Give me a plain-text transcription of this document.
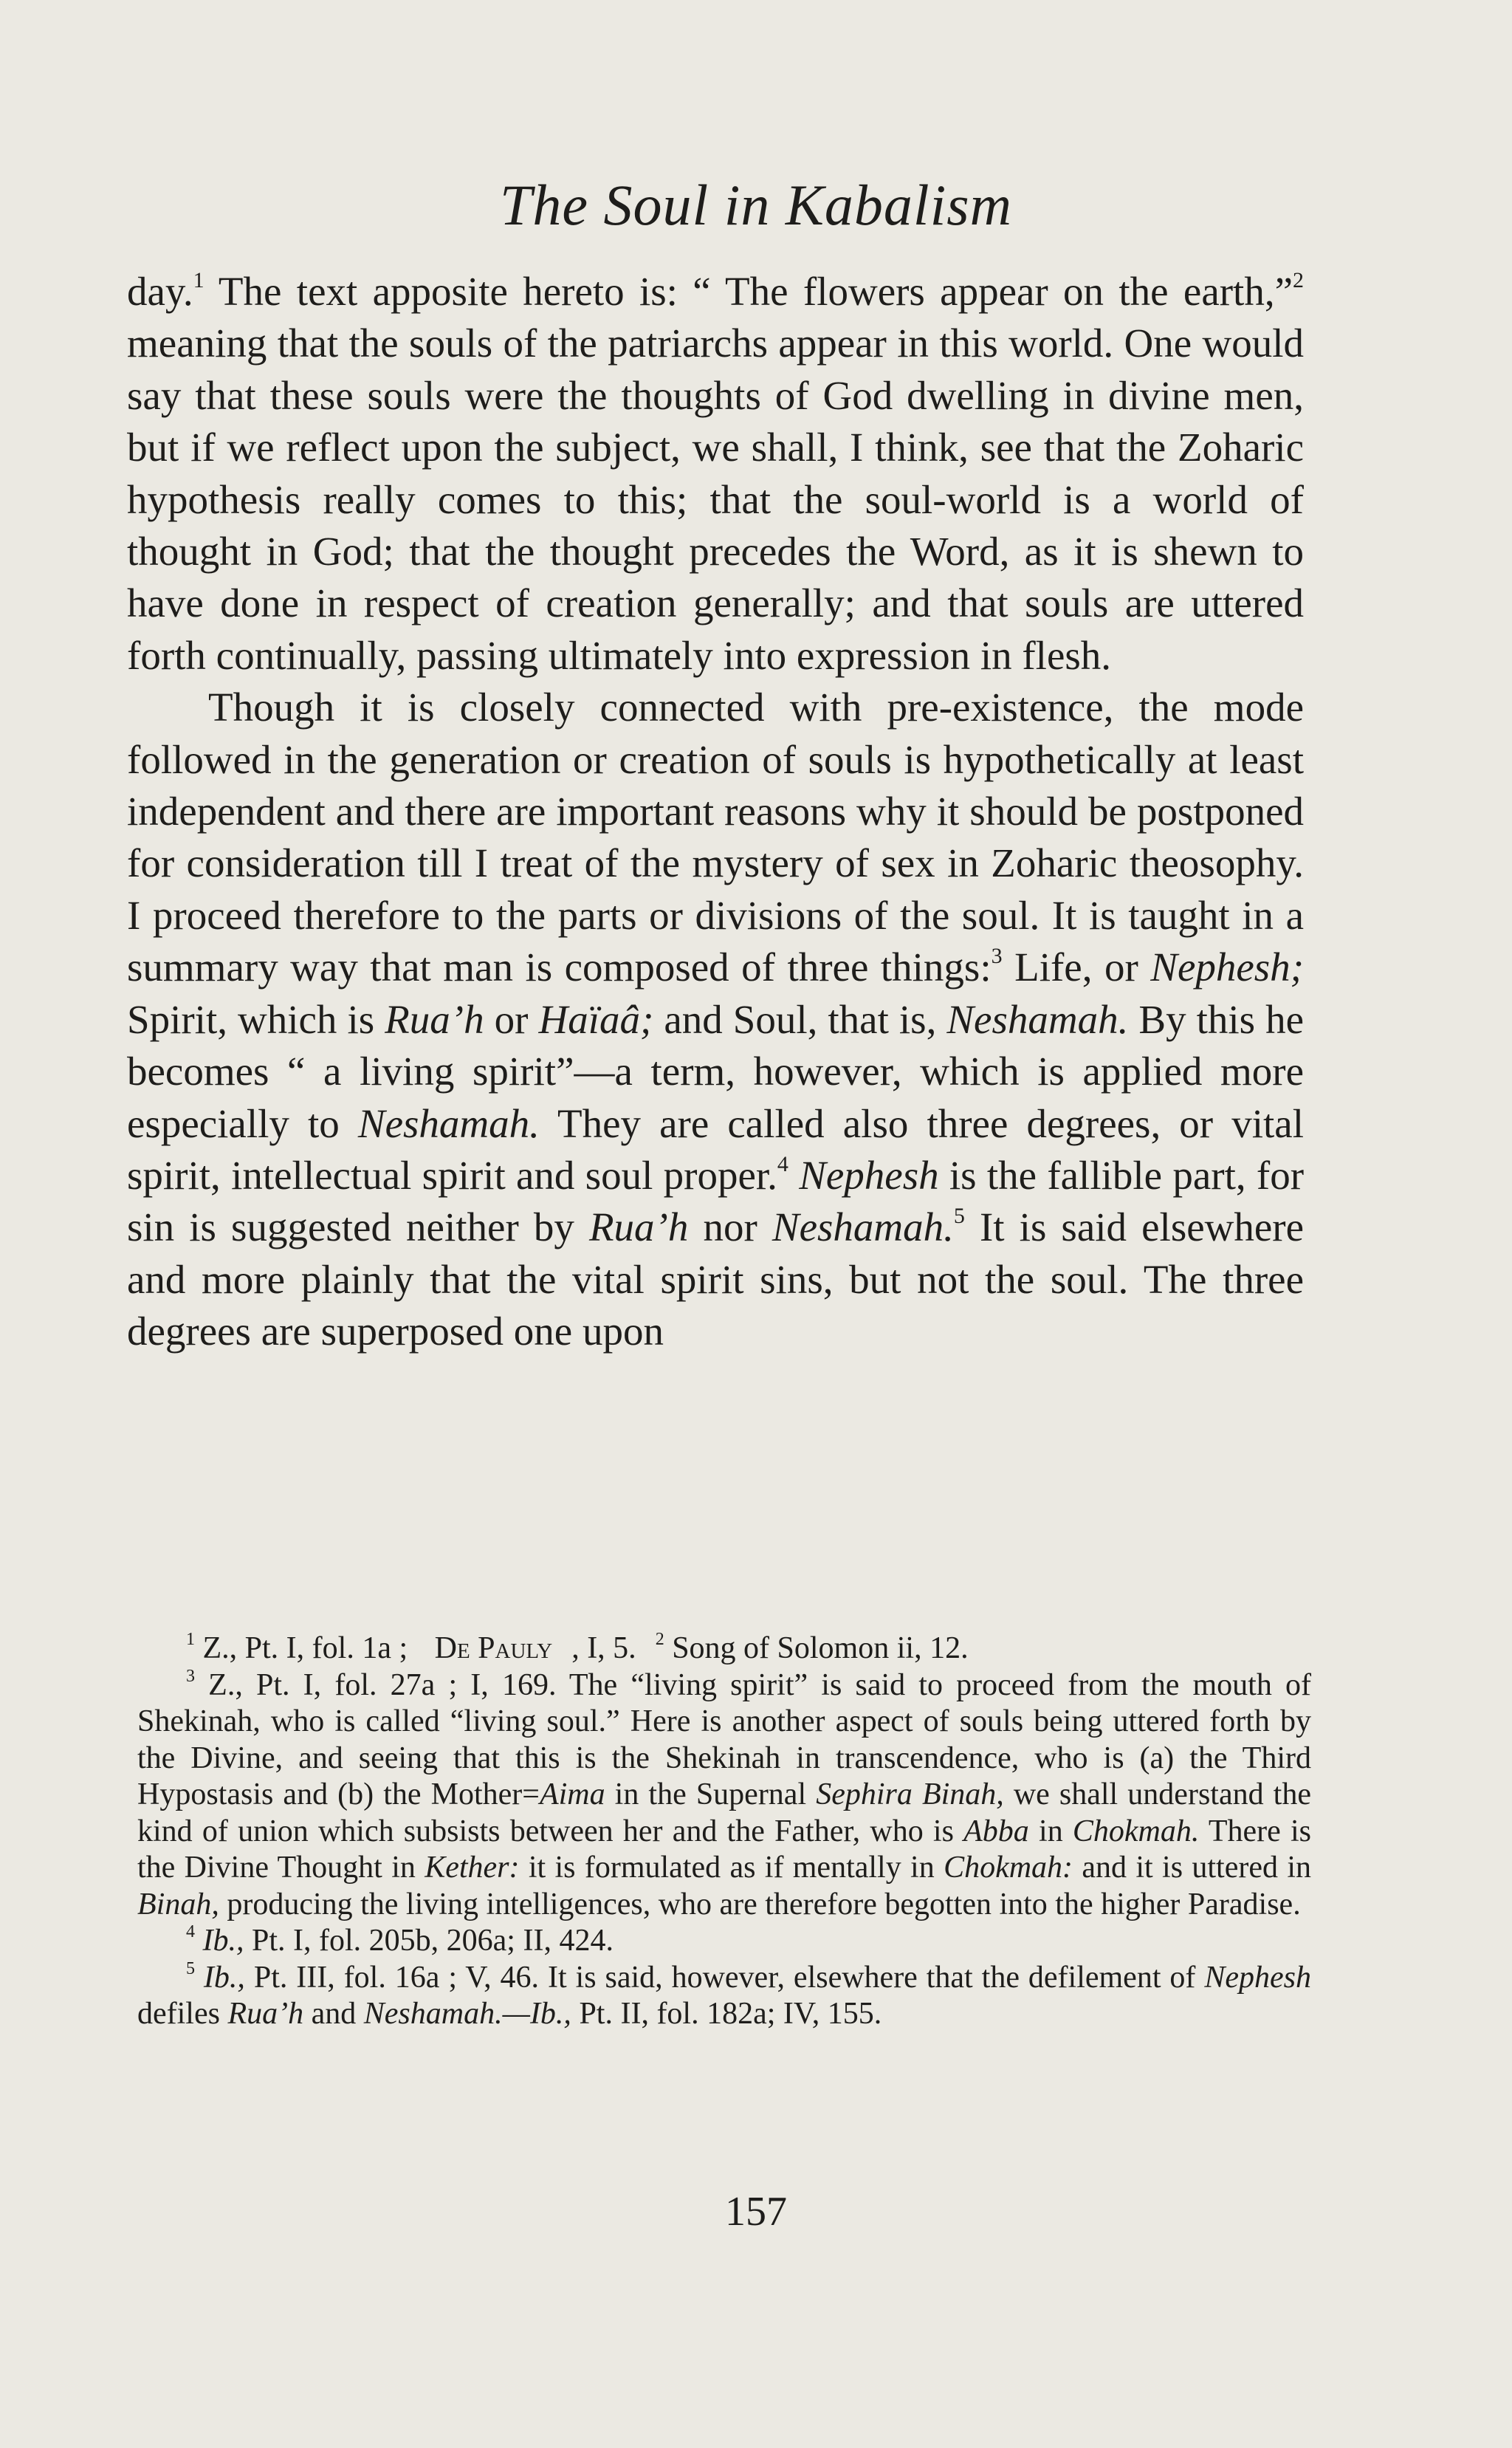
The Soul in Kabalism

day.$^1$ The text apposite hereto is: “ The flowers appear on the earth,”$^2$ meaning that the souls of the patriarchs appear in this world. One would say that these souls were the thoughts of God dwelling in divine men, but if we reflect upon the subject, we shall, I think, see that the Zoharic hypothesis really comes to this; that the soul-world is a world of thought in God; that the thought precedes the Word, as it is shewn to have done in respect of creation generally; and that souls are uttered forth continually, passing ultimately into expression in flesh.

Though it is closely connected with pre-existence, the mode followed in the generation or creation of souls is hypothetically at least independent and there are important reasons why it should be postponed for consideration till I treat of the mystery of sex in Zoharic theosophy. I proceed therefore to the parts or divisions of the soul. It is taught in a summary way that man is composed of three things:$^3$ Life, or Nephesh; Spirit, which is Rua’h or Haïaâ; and Soul, that is, Neshamah. By this he becomes “ a living spirit”—a term, however, which is applied more especially to Neshamah. They are called also three degrees, or vital spirit, intellectual spirit and soul proper.$^4$ Nephesh is the fallible part, for sin is suggested neither by Rua’h nor Neshamah.$^5$ It is said elsewhere and more plainly that the vital spirit sins, but not the soul. The three degrees are superposed one upon

$^1$ Z., Pt. I, fol. 1a ; De Pauly , I, 5. $^2$ Song of Solomon ii, 12.

$^3$ Z., Pt. I, fol. 27a ; I, 169. The “living spirit” is said to proceed from the mouth of Shekinah, who is called “living soul.” Here is another aspect of souls being uttered forth by the Divine, and seeing that this is the Shekinah in transcendence, who is (a) the Third Hypostasis and (b) the Mother=Aima in the Supernal Sephira Binah, we shall understand the kind of union which subsists between her and the Father, who is Abba in Chokmah. There is the Divine Thought in Kether: it is formulated as if mentally in Chokmah: and it is uttered in Binah, producing the living intelligences, who are therefore begotten into the higher Paradise.

$^4$ Ib., Pt. I, fol. 205b, 206a; II, 424.

$^5$ Ib., Pt. III, fol. 16a ; V, 46. It is said, however, elsewhere that the defilement of Nephesh defiles Rua’h and Neshamah.—Ib., Pt. II, fol. 182a; IV, 155.

157
